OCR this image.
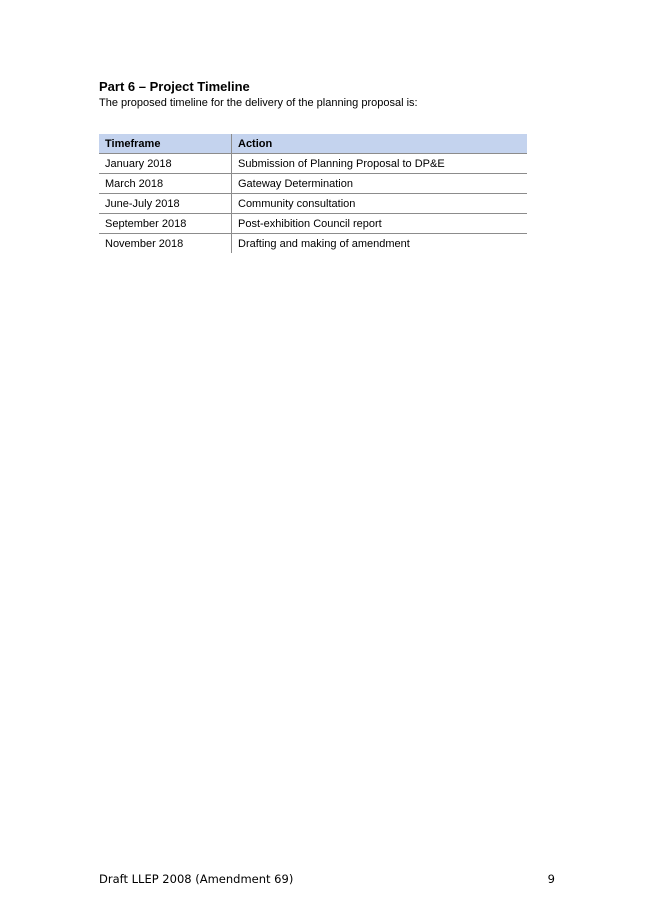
Part 6 – Project Timeline

The proposed timeline for the delivery of the planning proposal is:

Timeframe	Action
January 2018	Submission of Planning Proposal to DP&E
March 2018	Gateway Determination
June-July 2018	Community consultation
September 2018	Post-exhibition Council report
November 2018	Drafting and making of amendment
Draft LLEP 2008 (Amendment 69)	9
